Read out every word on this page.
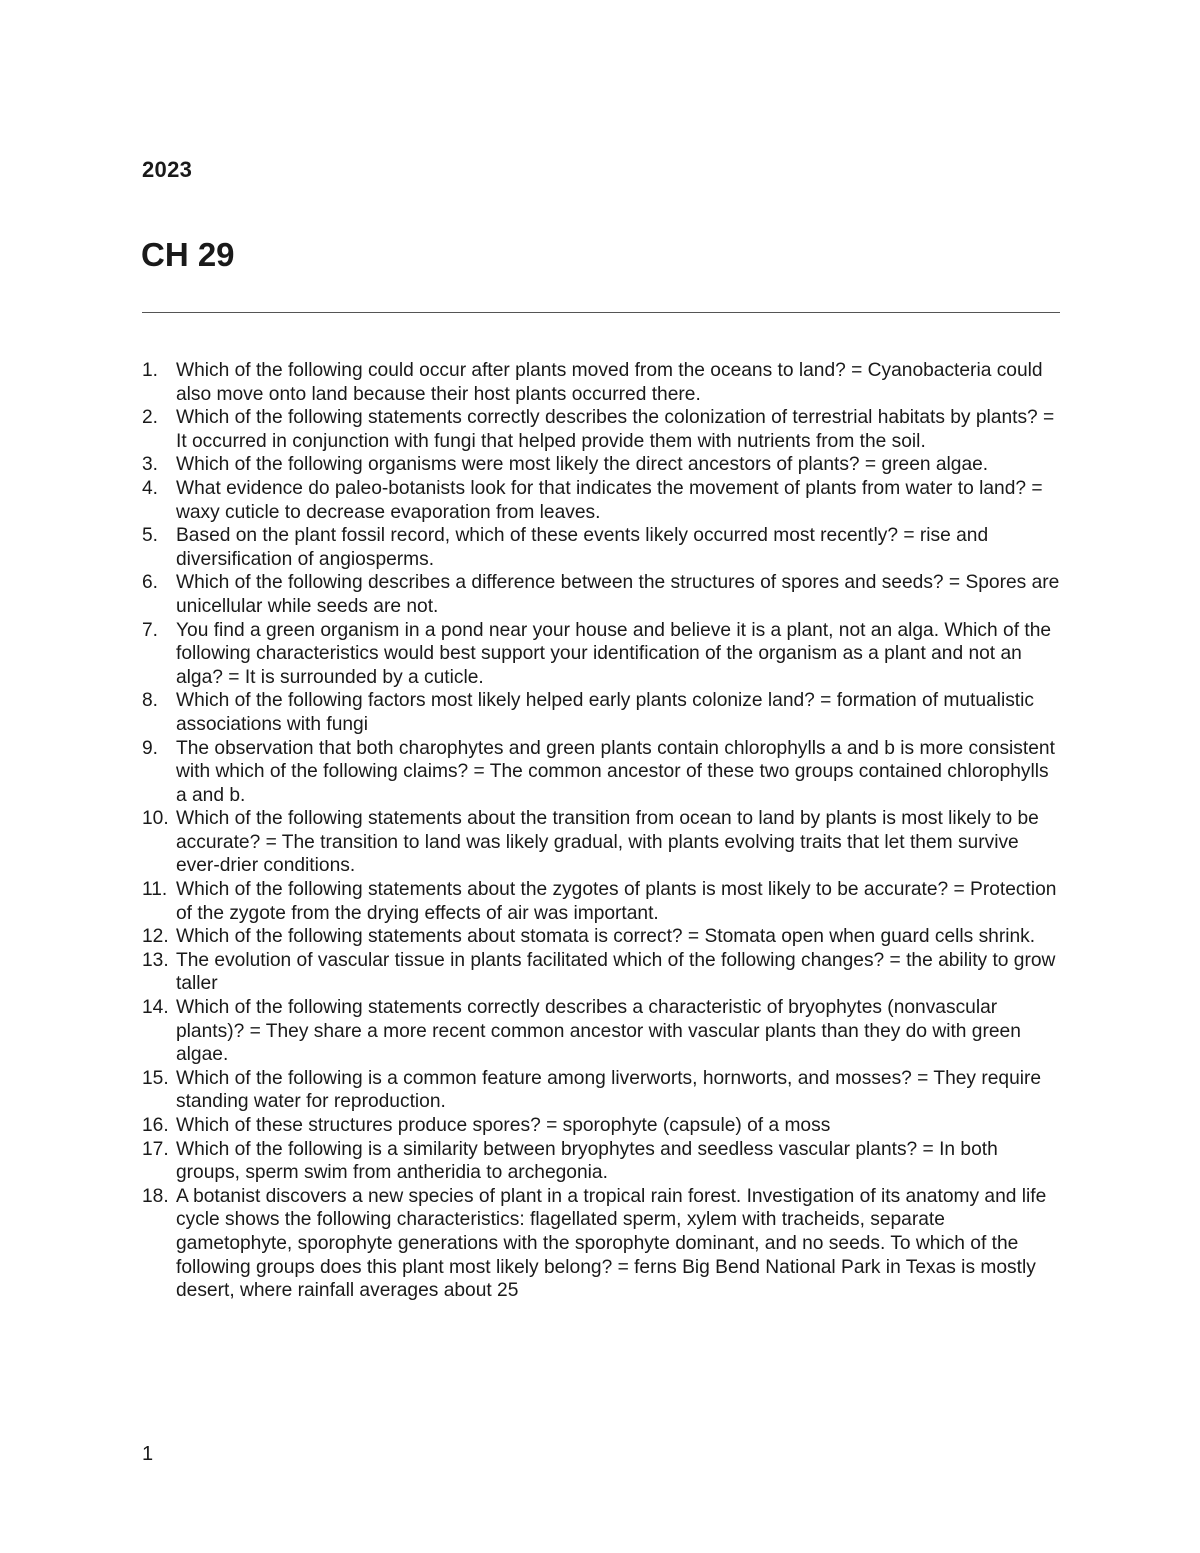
2023
CH 29
1. Which of the following could occur after plants moved from the oceans to land? = Cyanobacteria could also move onto land because their host plants occurred there.
2. Which of the following statements correctly describes the colonization of terrestrial habitats by plants? = It occurred in conjunction with fungi that helped provide them with nutrients from the soil.
3. Which of the following organisms were most likely the direct ancestors of plants? = green algae.
4. What evidence do paleo-botanists look for that indicates the movement of plants from water to land? = waxy cuticle to decrease evaporation from leaves.
5. Based on the plant fossil record, which of these events likely occurred most recently? = rise and diversification of angiosperms.
6. Which of the following describes a difference between the structures of spores and seeds? = Spores are unicellular while seeds are not.
7. You find a green organism in a pond near your house and believe it is a plant, not an alga. Which of the following characteristics would best support your identification of the organism as a plant and not an alga? = It is surrounded by a cuticle.
8. Which of the following factors most likely helped early plants colonize land? = formation of mutualistic associations with fungi
9. The observation that both charophytes and green plants contain chlorophylls a and b is more consistent with which of the following claims? = The common ancestor of these two groups contained chlorophylls a and b.
10. Which of the following statements about the transition from ocean to land by plants is most likely to be accurate? = The transition to land was likely gradual, with plants evolving traits that let them survive ever-drier conditions.
11. Which of the following statements about the zygotes of plants is most likely to be accurate? = Protection of the zygote from the drying effects of air was important.
12. Which of the following statements about stomata is correct? = Stomata open when guard cells shrink.
13. The evolution of vascular tissue in plants facilitated which of the following changes? = the ability to grow taller
14. Which of the following statements correctly describes a characteristic of bryophytes (nonvascular plants)? = They share a more recent common ancestor with vascular plants than they do with green algae.
15. Which of the following is a common feature among liverworts, hornworts, and mosses? = They require standing water for reproduction.
16. Which of these structures produce spores? = sporophyte (capsule) of a moss
17. Which of the following is a similarity between bryophytes and seedless vascular plants? = In both groups, sperm swim from antheridia to archegonia.
18. A botanist discovers a new species of plant in a tropical rain forest. Investigation of its anatomy and life cycle shows the following characteristics: flagellated sperm, xylem with tracheids, separate gametophyte, sporophyte generations with the sporophyte dominant, and no seeds. To which of the following groups does this plant most likely belong? = ferns Big Bend National Park in Texas is mostly desert, where rainfall averages about 25
1
